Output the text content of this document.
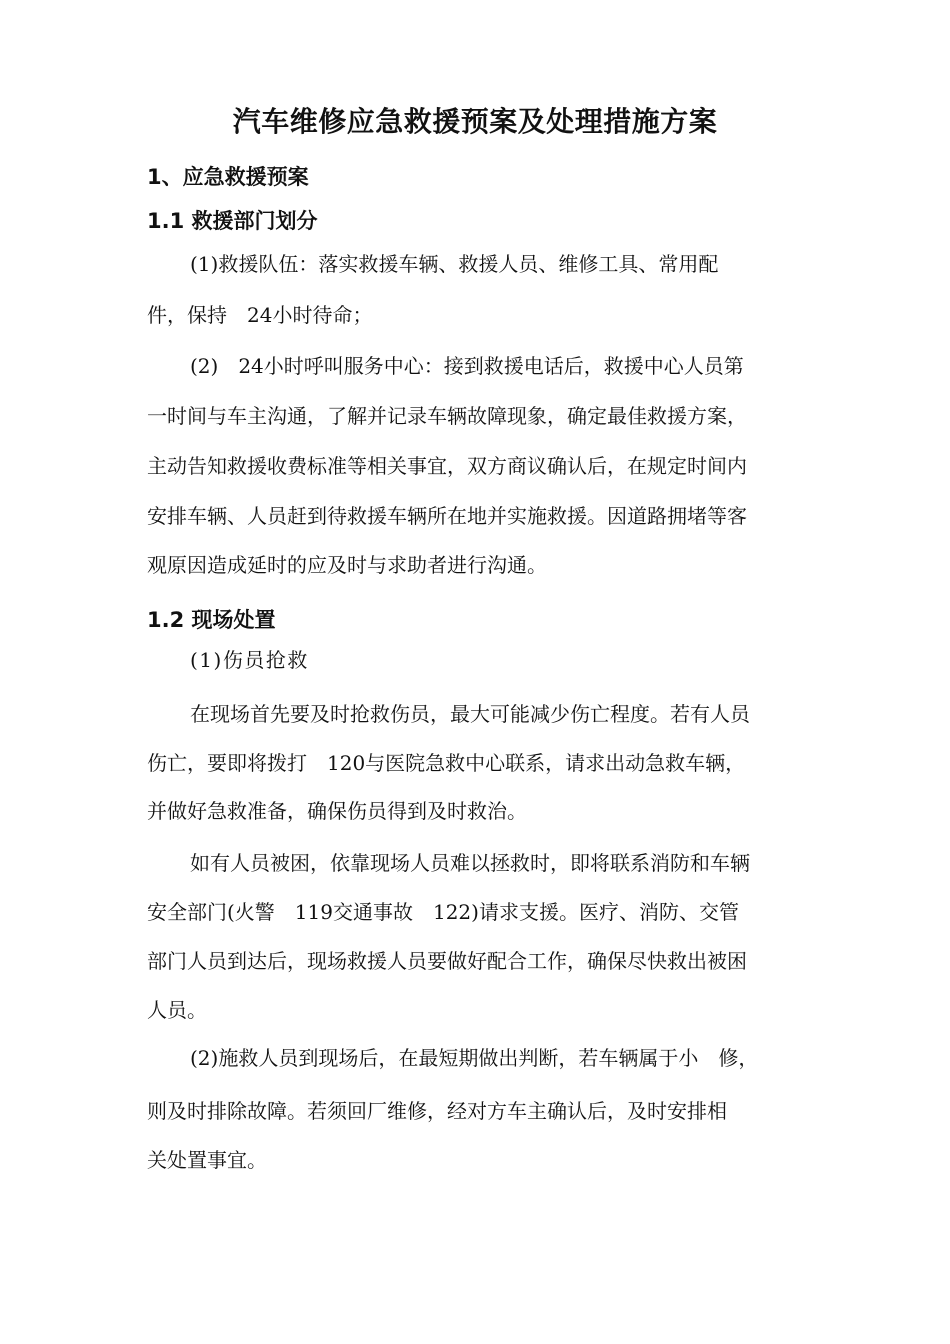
汽车维修应急救援预案及处理措施方案
1、应急救援预案
1.1 救援部门划分
(1)救援队伍：落实救援车辆、救援人员、维修工具、常用配
件，保持　24小时待命；
(2)　24小时呼叫服务中心：接到救援电话后，救援中心人员第
一时间与车主沟通，了解并记录车辆故障现象，确定最佳救援方案，
主动告知救援收费标准等相关事宜，双方商议确认后，在规定时间内
安排车辆、人员赶到待救援车辆所在地并实施救援。因道路拥堵等客
观原因造成延时的应及时与求助者进行沟通。
1.2 现场处置
(1)伤员抢救
在现场首先要及时抢救伤员，最大可能减少伤亡程度。若有人员
伤亡，要即将拨打　120与医院急救中心联系，请求出动急救车辆，
并做好急救准备，确保伤员得到及时救治。
如有人员被困，依靠现场人员难以拯救时，即将联系消防和车辆
安全部门(火警　119交通事故　122)请求支援。医疗、消防、交管
部门人员到达后，现场救援人员要做好配合工作，确保尽快救出被困
人员。
(2)施救人员到现场后，在最短期做出判断，若车辆属于小　修，
则及时排除故障。若须回厂维修，经对方车主确认后，及时安排相
关处置事宜。
